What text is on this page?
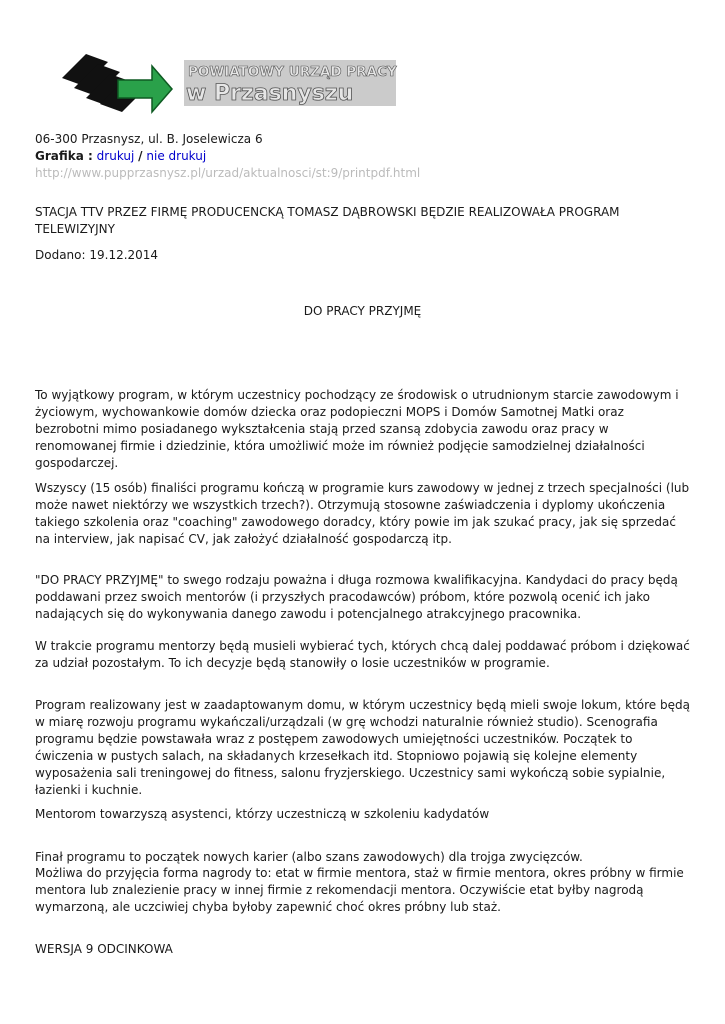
POWIATOWY URZĄD PRACY
w Przasnyszu
06-300 Przasnysz, ul. B. Joselewicza 6
Grafika : drukuj / nie drukuj
http://www.pupprzasnysz.pl/urzad/aktualnosci/st:9/printpdf.html
STACJA TTV PRZEZ FIRMĘ PRODUCENCKĄ TOMASZ DĄBROWSKI BĘDZIE REALIZOWAŁA PROGRAM TELEWIZYJNY
Dodano: 19.12.2014
DO PRACY PRZYJMĘ

To wyjątkowy program, w którym uczestnicy pochodzący ze środowisk o utrudnionym starcie zawodowym i życiowym, wychowankowie domów dziecka oraz podopieczni MOPS i Domów Samotnej Matki oraz bezrobotni mimo posiadanego wykształcenia stają przed szansą zdobycia zawodu oraz pracy w renomowanej firmie i dziedzinie, która umożliwić może im również podjęcie samodzielnej działalności gospodarczej.

Wszyscy (15 osób) finaliści programu kończą w programie kurs zawodowy w jednej z trzech specjalności (lub może nawet niektórzy we wszystkich trzech?). Otrzymują stosowne zaświadczenia i dyplomy ukończenia takiego szkolenia oraz "coaching" zawodowego doradcy, który powie im jak szukać pracy, jak się sprzedać na interview, jak napisać CV, jak założyć działalność gospodarczą itp.

"DO PRACY PRZYJMĘ" to swego rodzaju poważna i długa rozmowa kwalifikacyjna. Kandydaci do pracy będą poddawani przez swoich mentorów (i przyszłych pracodawców) próbom, które pozwolą ocenić ich jako nadających się do wykonywania danego zawodu i potencjalnego atrakcyjnego pracownika.

W trakcie programu mentorzy będą musieli wybierać tych, których chcą dalej poddawać próbom i dziękować za udział pozostałym. To ich decyzje będą stanowiły o losie uczestników w programie.

Program realizowany jest w zaadaptowanym domu, w którym uczestnicy będą mieli swoje lokum, które będą w miarę rozwoju programu wykańczali/urządzali (w grę wchodzi naturalnie również studio). Scenografia programu będzie powstawała wraz z postępem zawodowych umiejętności uczestników. Początek to ćwiczenia w pustych salach, na składanych krzesełkach itd. Stopniowo pojawią się kolejne elementy wyposażenia sali treningowej do fitness, salonu fryzjerskiego. Uczestnicy sami wykończą sobie sypialnie, łazienki i kuchnie.

Mentorom towarzyszą asystenci, którzy uczestniczą w szkoleniu kadydatów

Finał programu to początek nowych karier (albo szans zawodowych) dla trojga zwycięzców.

Możliwa do przyjęcia forma nagrody to: etat w firmie mentora, staż w firmie mentora, okres próbny w firmie mentora lub znalezienie pracy w innej firmie z rekomendacji mentora. Oczywiście etat byłby nagrodą wymarzoną, ale uczciwiej chyba byłoby zapewnić choć okres próbny lub staż.

WERSJA 9 ODCINKOWA
